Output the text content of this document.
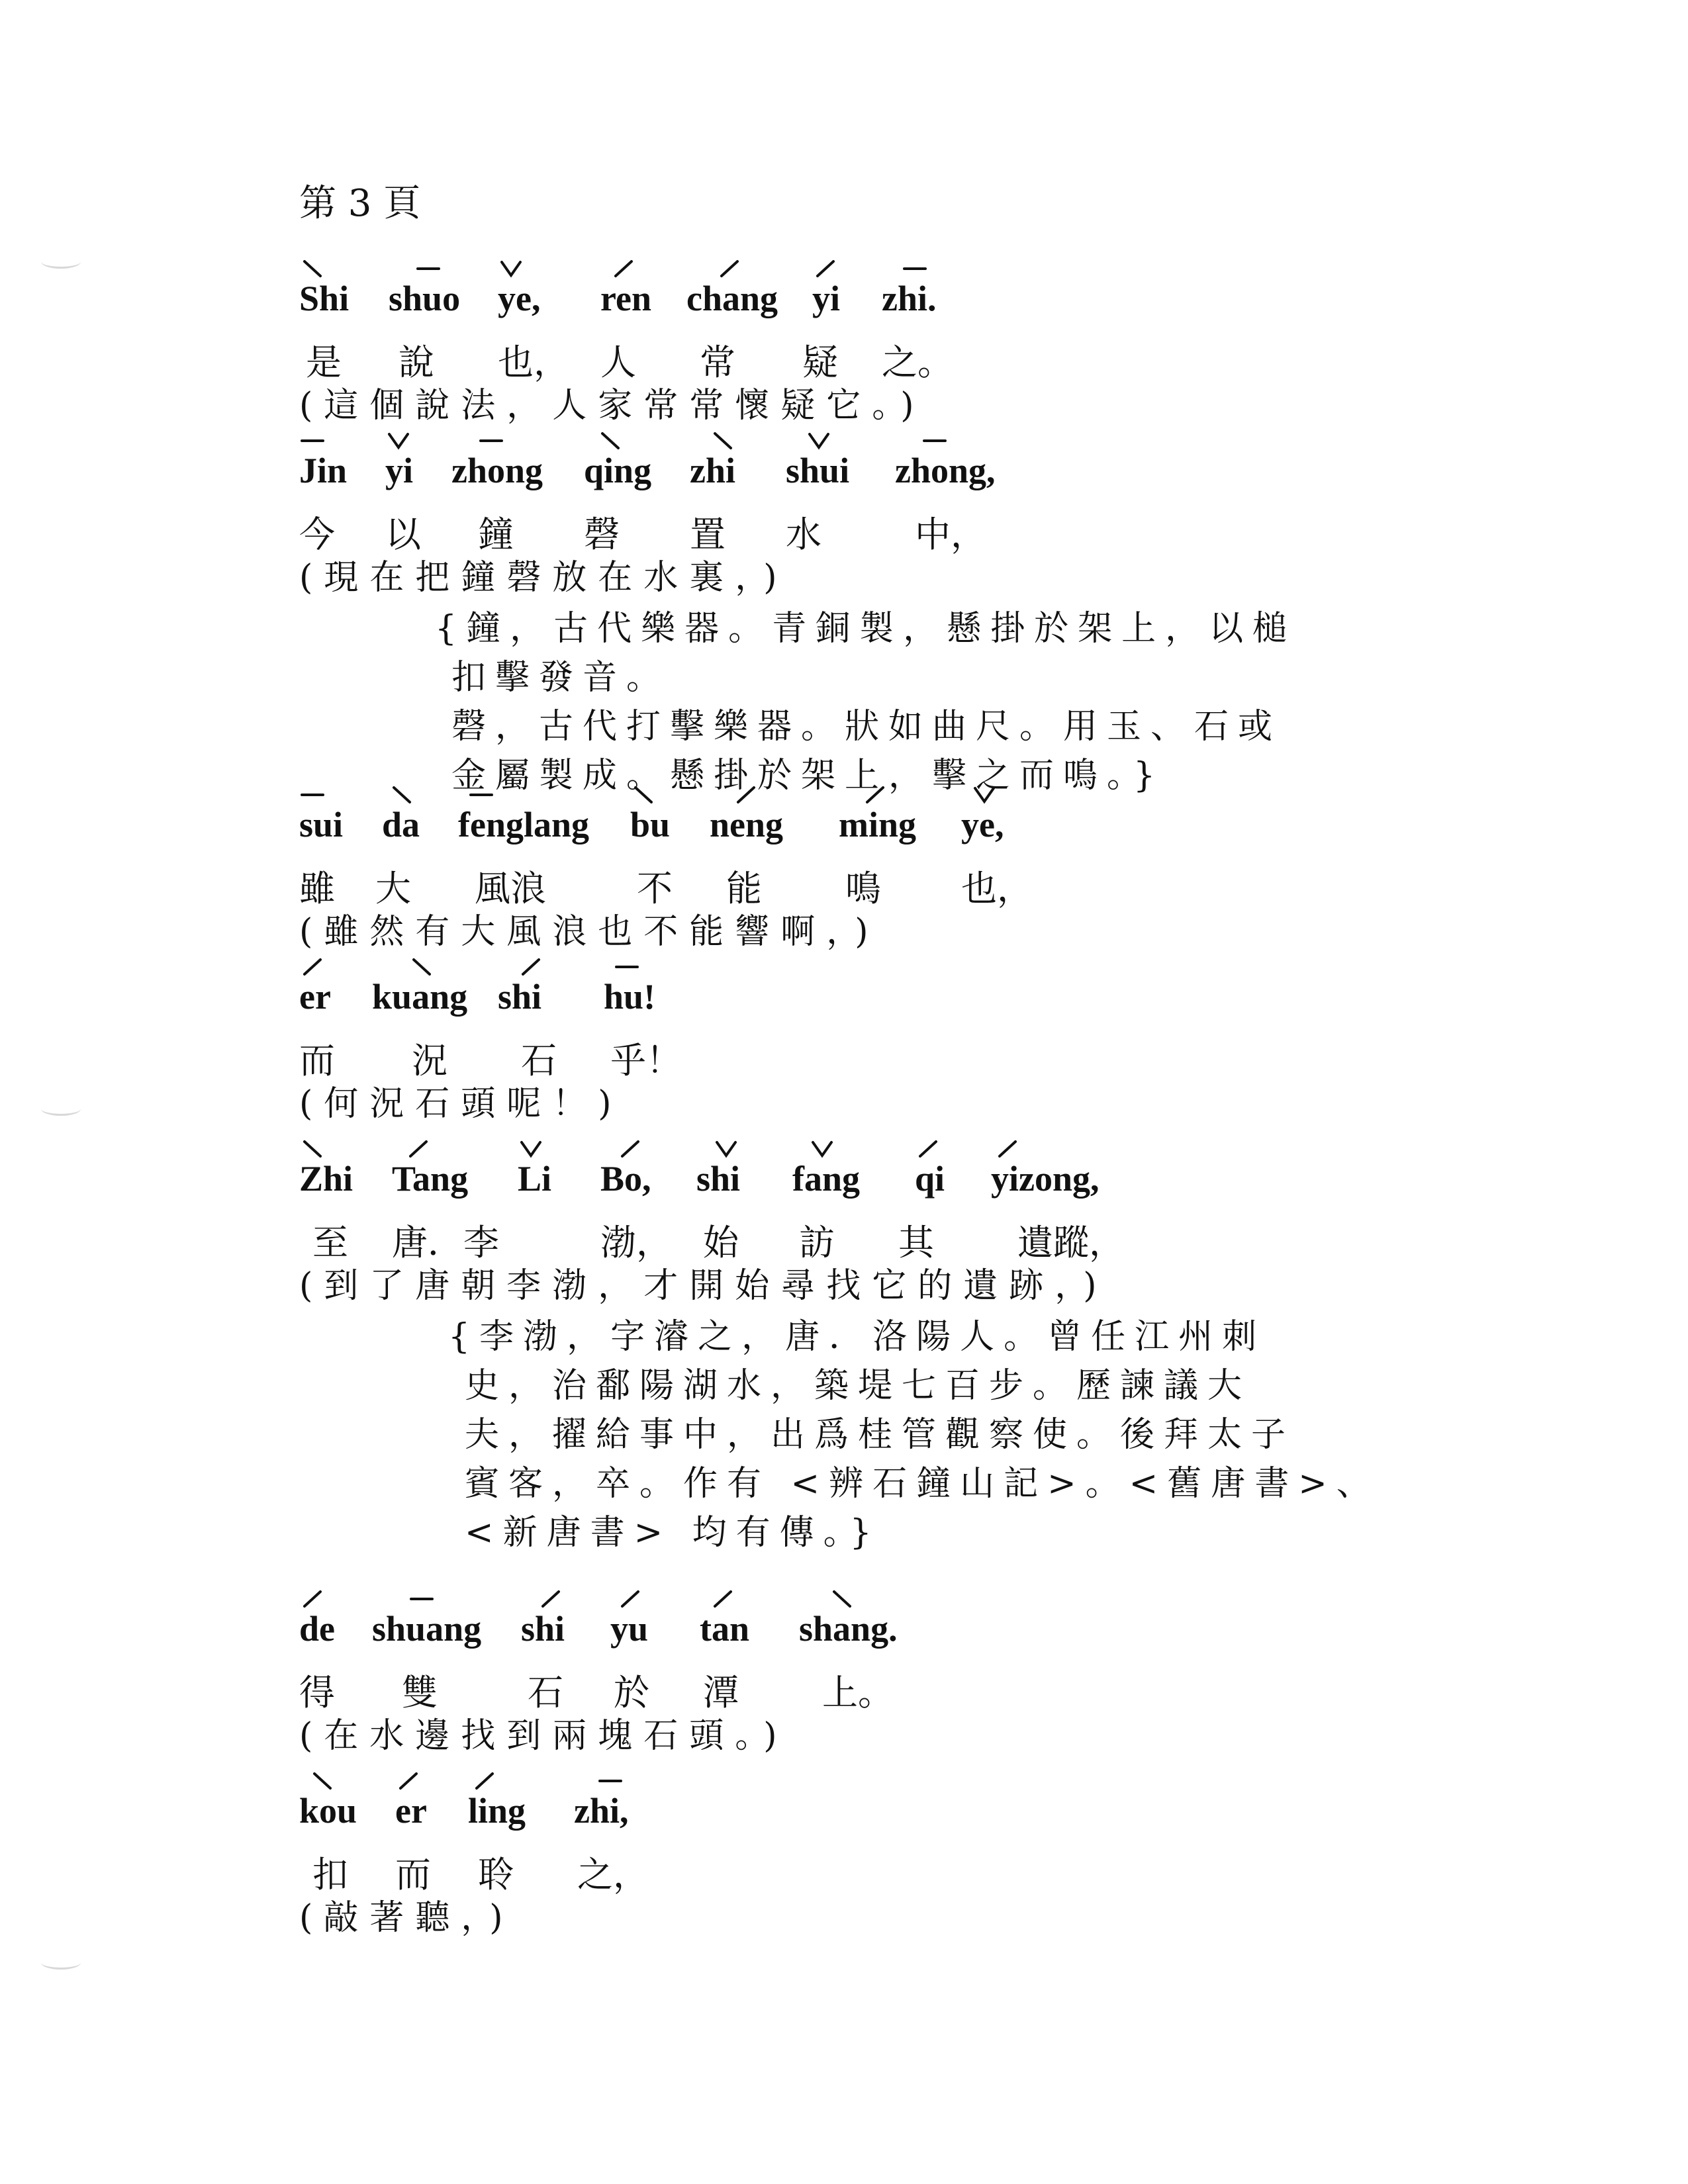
第 3 頁
Shi shuo ye, ren chang yi zhi.
是 說 也， 人 常 疑 之。
(這個說法，人家常常懷疑它。)
Jin yi zhong qing zhi shui zhong,
今 以 鐘 磬 置 水	中，
(現在把鐘磬放在水裏，)
{鐘，古代樂器。青銅製，懸掛於架上，以槌
扣擊發音。
磬，古代打擊樂器。狀如曲尺。用玉、石或
金屬製成。懸掛於架上，擊之而鳴。}
sui da fenglang bu neng ming ye,
雖 大 風浪	不 能 鳴 也，
(雖然有大風浪也不能響啊，)
er kuang shi hu!
而 況 石 乎！
(何況石頭呢！)
Zhi Tang Li Bo, shi fang qi yizong,
至 唐．李	渤， 始 訪 其 遺蹤，
(到了唐朝李渤，才開始尋找它的遺跡，)
{李渤，字濬之，唐．洛陽人。曾任江州刺
史，治鄱陽湖水，築堤七百步。歷諫議大
夫，擢給事中，出爲桂管觀察使。後拜太子
賓客，卒。作有 <辨石鐘山記>。<舊唐書>、
<新唐書> 均有傳。}
de shuang shi yu tan shang.
得 雙	石 於 潭 上。
(在水邊找到兩塊石頭。)
kou er ling zhi,
扣 而 聆 之，
(敲著聽，)
